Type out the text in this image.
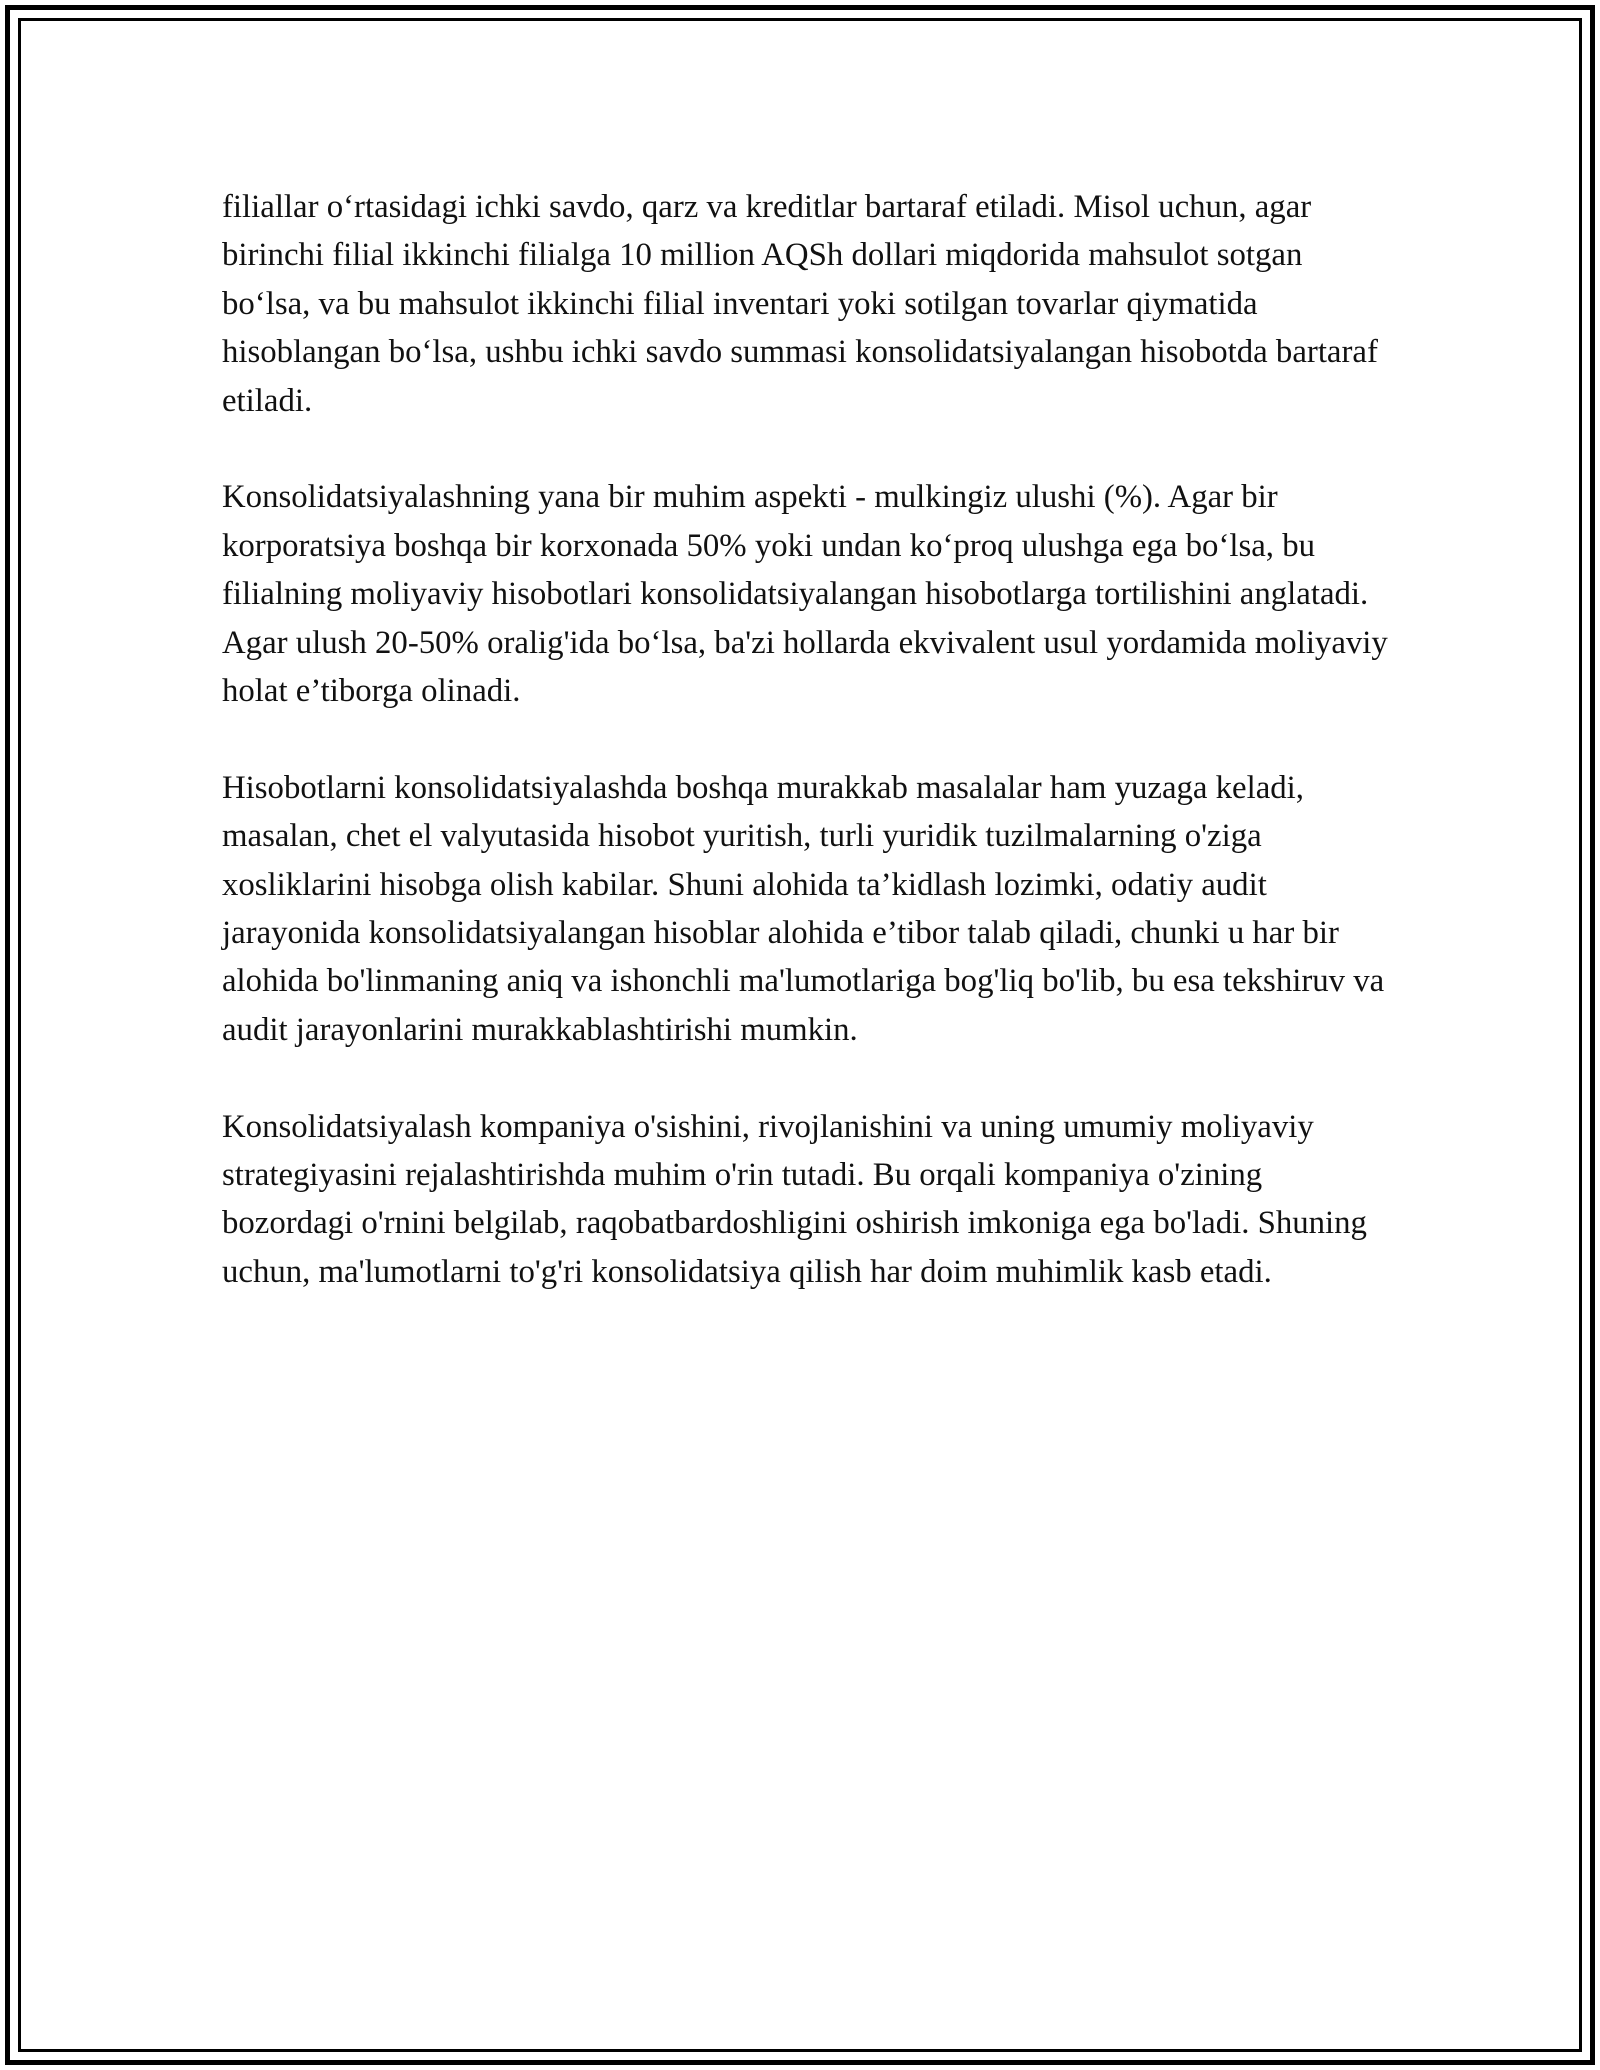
filiallar o‘rtasidagi ichki savdo, qarz va kreditlar bartaraf etiladi. Misol uchun, agar birinchi filial ikkinchi filialga 10 million AQSh dollari miqdorida mahsulot sotgan bo‘lsa, va bu mahsulot ikkinchi filial inventari yoki sotilgan tovarlar qiymatida hisoblangan bo‘lsa, ushbu ichki savdo summasi konsolidatsiyalangan hisobotda bartaraf etiladi.

Konsolidatsiyalashning yana bir muhim aspekti - mulkingiz ulushi (%). Agar bir korporatsiya boshqa bir korxonada 50% yoki undan ko‘proq ulushga ega bo‘lsa, bu filialning moliyaviy hisobotlari konsolidatsiyalangan hisobotlarga tortilishini anglatadi. Agar ulush 20-50% oralig'ida bo‘lsa, ba'zi hollarda ekvivalent usul yordamida moliyaviy holat e’tiborga olinadi.

Hisobotlarni konsolidatsiyalashda boshqa murakkab masalalar ham yuzaga keladi, masalan, chet el valyutasida hisobot yuritish, turli yuridik tuzilmalarning o'ziga xosliklarini hisobga olish kabilar. Shuni alohida ta’kidlash lozimki, odatiy audit jarayonida konsolidatsiyalangan hisoblar alohida e’tibor talab qiladi, chunki u har bir alohida bo'linmaning aniq va ishonchli ma'lumotlariga bog'liq bo'lib, bu esa tekshiruv va audit jarayonlarini murakkablashtirishi mumkin.

Konsolidatsiyalash kompaniya o'sishini, rivojlanishini va uning umumiy moliyaviy strategiyasini rejalashtirishda muhim o'rin tutadi. Bu orqali kompaniya o'zining bozordagi o'rnini belgilab, raqobatbardoshligini oshirish imkoniga ega bo'ladi. Shuning uchun, ma'lumotlarni to'g'ri konsolidatsiya qilish har doim muhimlik kasb etadi.
